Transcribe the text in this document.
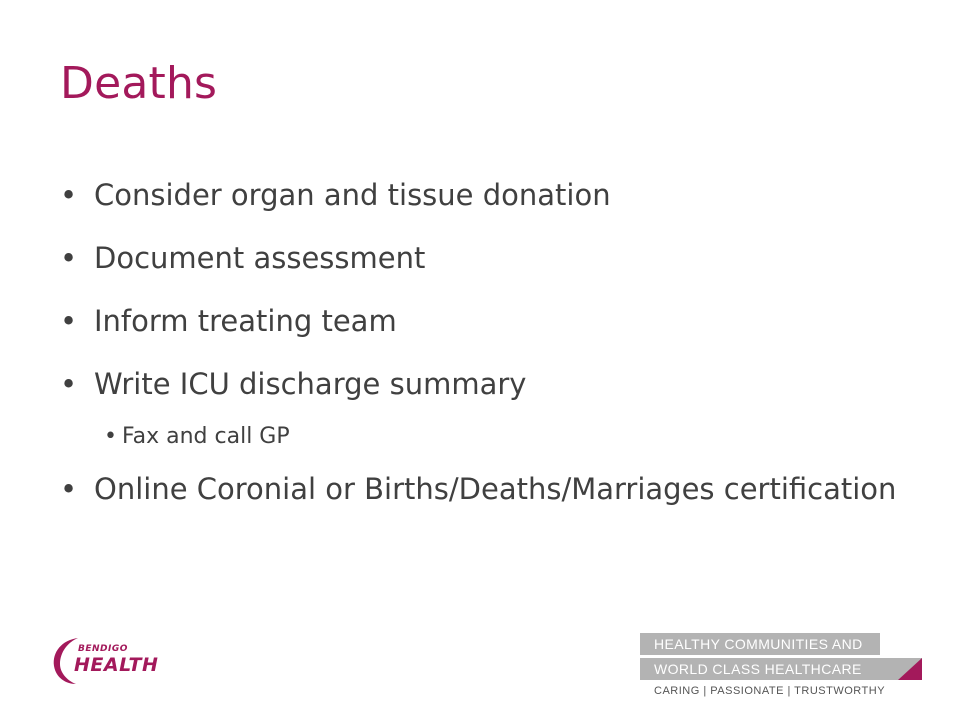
Deaths
• Consider organ and tissue donation
• Document assessment
• Inform treating team
• Write ICU discharge summary
• Fax and call GP
• Online Coronial or Births/Deaths/Marriages certification
BENDIGO
HEALTH
HEALTHY COMMUNITIES AND
WORLD CLASS HEALTHCARE
CARING | PASSIONATE | TRUSTWORTHY
